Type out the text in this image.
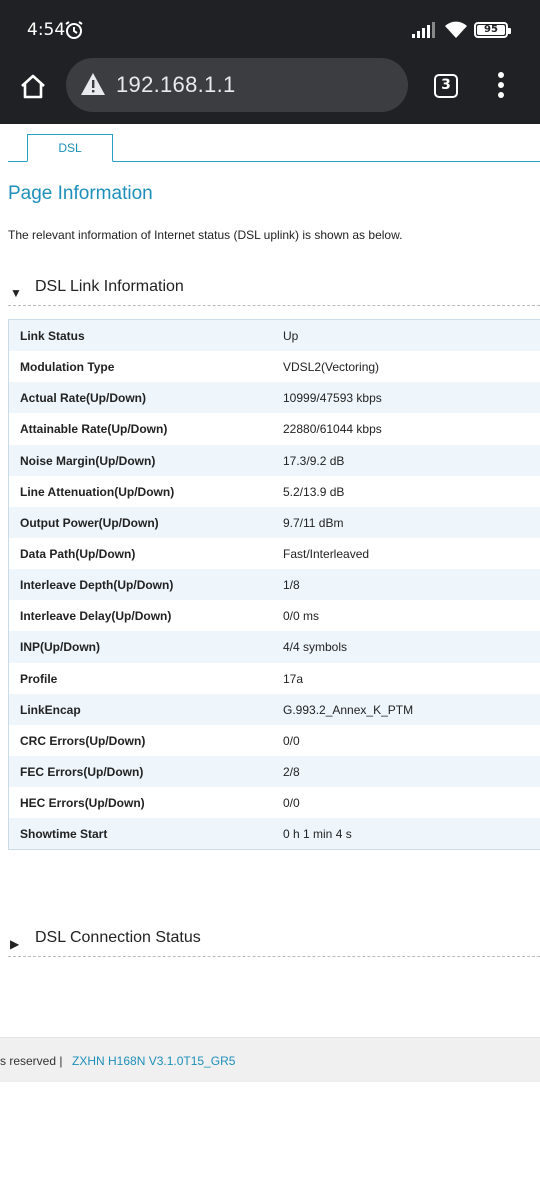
4:54	95
192.168.1.1	3
DSL
Page Information
The relevant information of Internet status (DSL uplink) is shown as below.
▼ DSL Link Information
Link Status	Up
Modulation Type	VDSL2(Vectoring)
Actual Rate(Up/Down)	10999/47593 kbps
Attainable Rate(Up/Down)	22880/61044 kbps
Noise Margin(Up/Down)	17.3/9.2 dB
Line Attenuation(Up/Down)	5.2/13.9 dB
Output Power(Up/Down)	9.7/11 dBm
Data Path(Up/Down)	Fast/Interleaved
Interleave Depth(Up/Down)	1/8
Interleave Delay(Up/Down)	0/0 ms
INP(Up/Down)	4/4 symbols
Profile	17a
LinkEncap	G.993.2_Annex_K_PTM
CRC Errors(Up/Down)	0/0
FEC Errors(Up/Down)	2/8
HEC Errors(Up/Down)	0/0
Showtime Start	0 h 1 min 4 s
▶ DSL Connection Status
s reserved | ZXHN H168N V3.1.0T15_GR5
